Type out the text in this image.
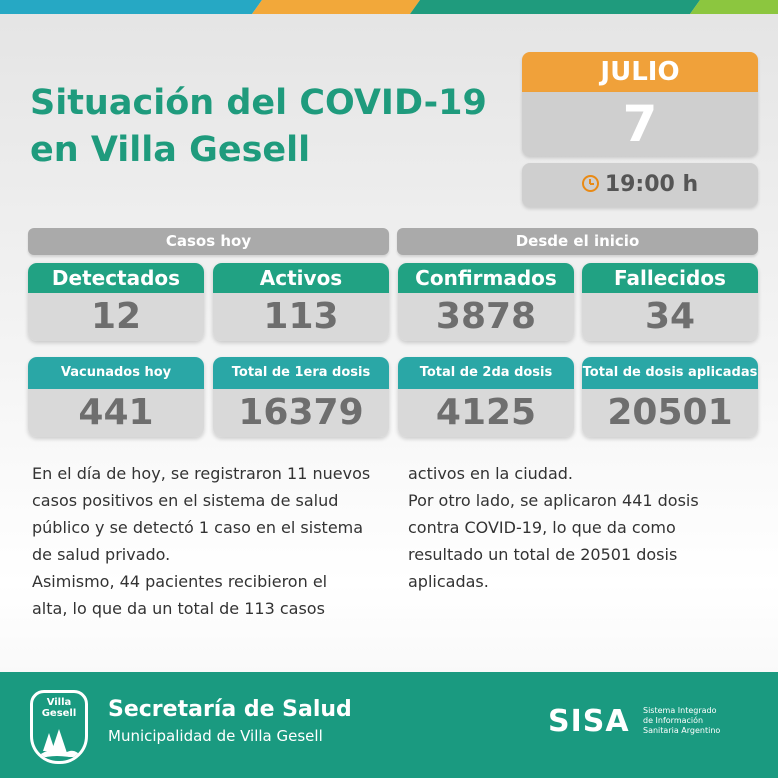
Situación del COVID-19
en Villa Gesell
JULIO
7
19:00 h
Casos hoy	Desde el inicio
Detectados
12
Activos
113
Confirmados
3878
Fallecidos
34
Vacunados hoy
441
Total de 1era dosis
16379
Total de 2da dosis
4125
Total de dosis aplicadas
20501
En el día de hoy, se registraron 11 nuevos
casos positivos en el sistema de salud
público y se detectó 1 caso en el sistema
de salud privado.
Asimismo, 44 pacientes recibieron el
alta, lo que da un total de 113 casos
activos en la ciudad.
Por otro lado, se aplicaron 441 dosis
contra COVID-19, lo que da como
resultado un total de 20501 dosis
aplicadas.
Villa
Gesell	Secretaría de Salud
Municipalidad de Villa Gesell	SISA Sistema Integrado
de Información
Sanitaria Argentino
